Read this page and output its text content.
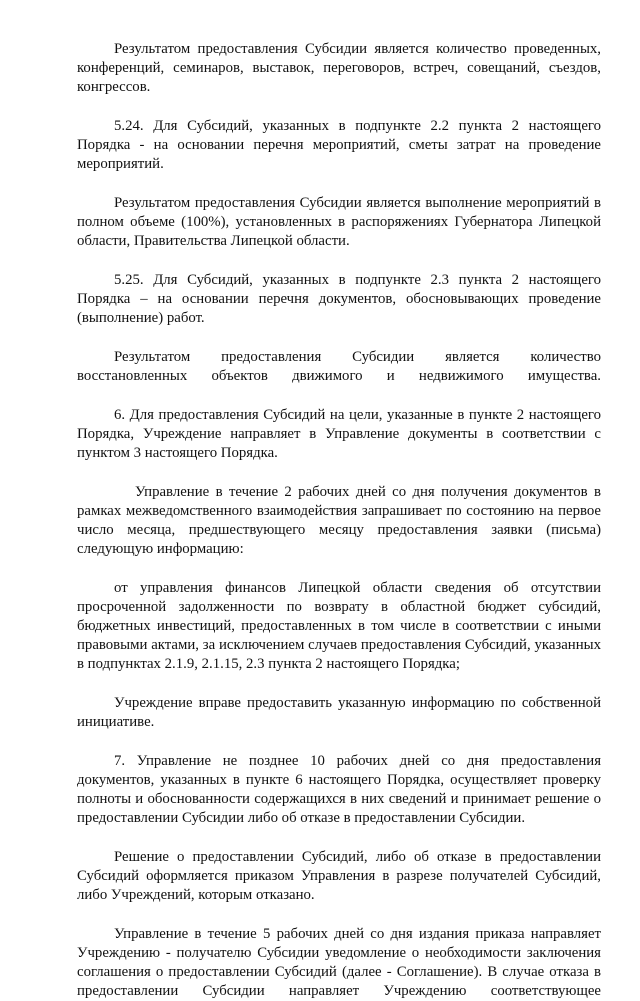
Результатом предоставления Субсидии является количество проведенных, конференций, семинаров, выставок, переговоров, встреч, совещаний, съездов, конгрессов.

5.24. Для Субсидий, указанных в подпункте 2.2 пункта 2 настоящего Порядка - на основании перечня мероприятий, сметы затрат на проведение мероприятий.

Результатом предоставления Субсидии является выполнение мероприятий в полном объеме (100%), установленных в распоряжениях Губернатора Липецкой области, Правительства Липецкой области.

5.25. Для Субсидий, указанных в подпункте 2.3 пункта 2 настоящего Порядка – на основании перечня документов, обосновывающих проведение (выполнение) работ.

Результатом предоставления Субсидии является количество восстановленных объектов движимого и недвижимого имущества.

6. Для предоставления Субсидий на цели, указанные в пункте 2 настоящего Порядка, Учреждение направляет в Управление документы в соответствии с пунктом 3 настоящего Порядка.

Управление в течение 2 рабочих дней со дня получения документов в рамках межведомственного взаимодействия запрашивает по состоянию на первое число месяца, предшествующего месяцу предоставления заявки (письма) следующую информацию:

от управления финансов Липецкой области сведения об отсутствии просроченной задолженности по возврату в областной бюджет субсидий, бюджетных инвестиций, предоставленных в том числе в соответствии с иными правовыми актами, за исключением случаев предоставления Субсидий, указанных в подпунктах 2.1.9, 2.1.15, 2.3 пункта 2 настоящего Порядка;

Учреждение вправе предоставить указанную информацию по собственной инициативе.

7. Управление не позднее 10 рабочих дней со дня предоставления документов, указанных в пункте 6 настоящего Порядка, осуществляет проверку полноты и обоснованности содержащихся в них сведений и принимает решение о предоставлении Субсидии либо об отказе в предоставлении Субсидии.

Решение о предоставлении Субсидий, либо об отказе в предоставлении Субсидий оформляется приказом Управления в разрезе получателей Субсидий, либо Учреждений, которым отказано.

Управление в течение 5 рабочих дней со дня издания приказа направляет Учреждению - получателю Субсидии уведомление о необходимости заключения соглашения о предоставлении Субсидий (далее - Соглашение). В случае отказа в предоставлении Субсидии направляет Учреждению соответствующее
